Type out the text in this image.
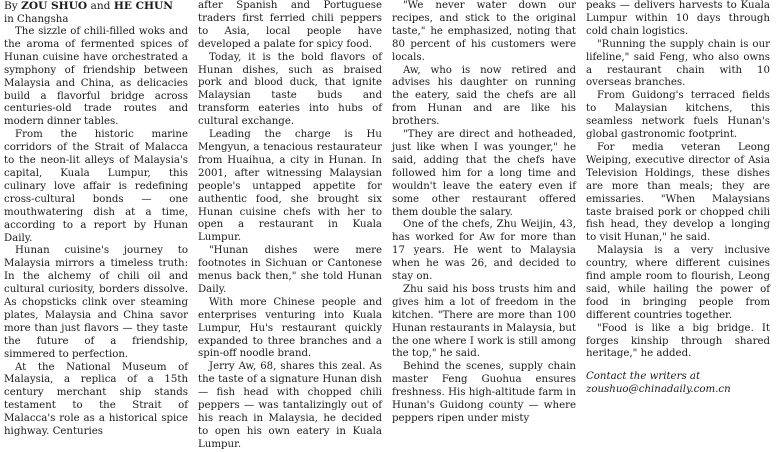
By ZOU SHUO and HE CHUN

in Changsha

The sizzle of chili-filled woks and the aroma of fermented spices of Hunan cuisine have orchestrated a symphony of friendship between Malaysia and China, as delicacies build a flavorful bridge across centuries-old trade routes and modern dinner tables.

From the historic marine corridors of the Strait of Malacca to the neon-lit alleys of Malaysia's capital, Kuala Lumpur, this culinary love affair is redefining cross-cultural bonds — one mouthwatering dish at a time, according to a report by Hunan Daily.

Hunan cuisine's journey to Malaysia mirrors a timeless truth: In the alchemy of chili oil and cultural curiosity, borders dissolve. As chopsticks clink over steaming plates, Malaysia and China savor more than just flavors — they taste the future of a friendship, simmered to perfection.

At the National Museum of Malaysia, a replica of a 15th century merchant ship stands testament to the Strait of Malacca's role as a historical spice highway. Centuries

after Spanish and Portuguese traders first ferried chili peppers to Asia, local people have developed a palate for spicy food.

Today, it is the bold flavors of Hunan dishes, such as braised pork and blood duck, that ignite Malaysian taste buds and transform eateries into hubs of cultural exchange.

Leading the charge is Hu Mengyun, a tenacious restaurateur from Huaihua, a city in Hunan. In 2001, after witnessing Malaysian people's untapped appetite for authentic food, she brought six Hunan cuisine chefs with her to open a restaurant in Kuala Lumpur.

"Hunan dishes were mere footnotes in Sichuan or Cantonese menus back then," she told Hunan Daily.

With more Chinese people and enterprises venturing into Kuala Lumpur, Hu's restaurant quickly expanded to three branches and a spin-off noodle brand.

Jerry Aw, 68, shares this zeal. As the taste of a signature Hunan dish — fish head with chopped chili peppers — was tantalizingly out of his reach in Malaysia, he decided to open his own eatery in Kuala Lumpur.

"We never water down our recipes, and stick to the original taste," he emphasized, noting that 80 percent of his customers were locals.

Aw, who is now retired and advises his daughter on running the eatery, said the chefs are all from Hunan and are like his brothers.

"They are direct and hotheaded, just like when I was younger," he said, adding that the chefs have followed him for a long time and wouldn't leave the eatery even if some other restaurant offered them double the salary.

One of the chefs, Zhu Weijin, 43, has worked for Aw for more than 17 years. He went to Malaysia when he was 26, and decided to stay on.

Zhu said his boss trusts him and gives him a lot of freedom in the kitchen. "There are more than 100 Hunan restaurants in Malaysia, but the one where I work is still among the top," he said.

Behind the scenes, supply chain master Feng Guohua ensures freshness. His high-altitude farm in Hunan's Guidong county — where peppers ripen under misty

peaks — delivers harvests to Kuala Lumpur within 10 days through cold chain logistics.

"Running the supply chain is our lifeline," said Feng, who also owns a restaurant chain with 10 overseas branches.

From Guidong's terraced fields to Malaysian kitchens, this seamless network fuels Hunan's global gastronomic footprint.

For media veteran Leong Weiping, executive director of Asia Television Holdings, these dishes are more than meals; they are emissaries. "When Malaysians taste braised pork or chopped chili fish head, they develop a longing to visit Hunan," he said.

Malaysia is a very inclusive country, where different cuisines find ample room to flourish, Leong said, while hailing the power of food in bringing people from different countries together.

"Food is like a big bridge. It forges kinship through shared heritage," he added.

Contact the writers at
zoushuo@chinadaily.com.cn
